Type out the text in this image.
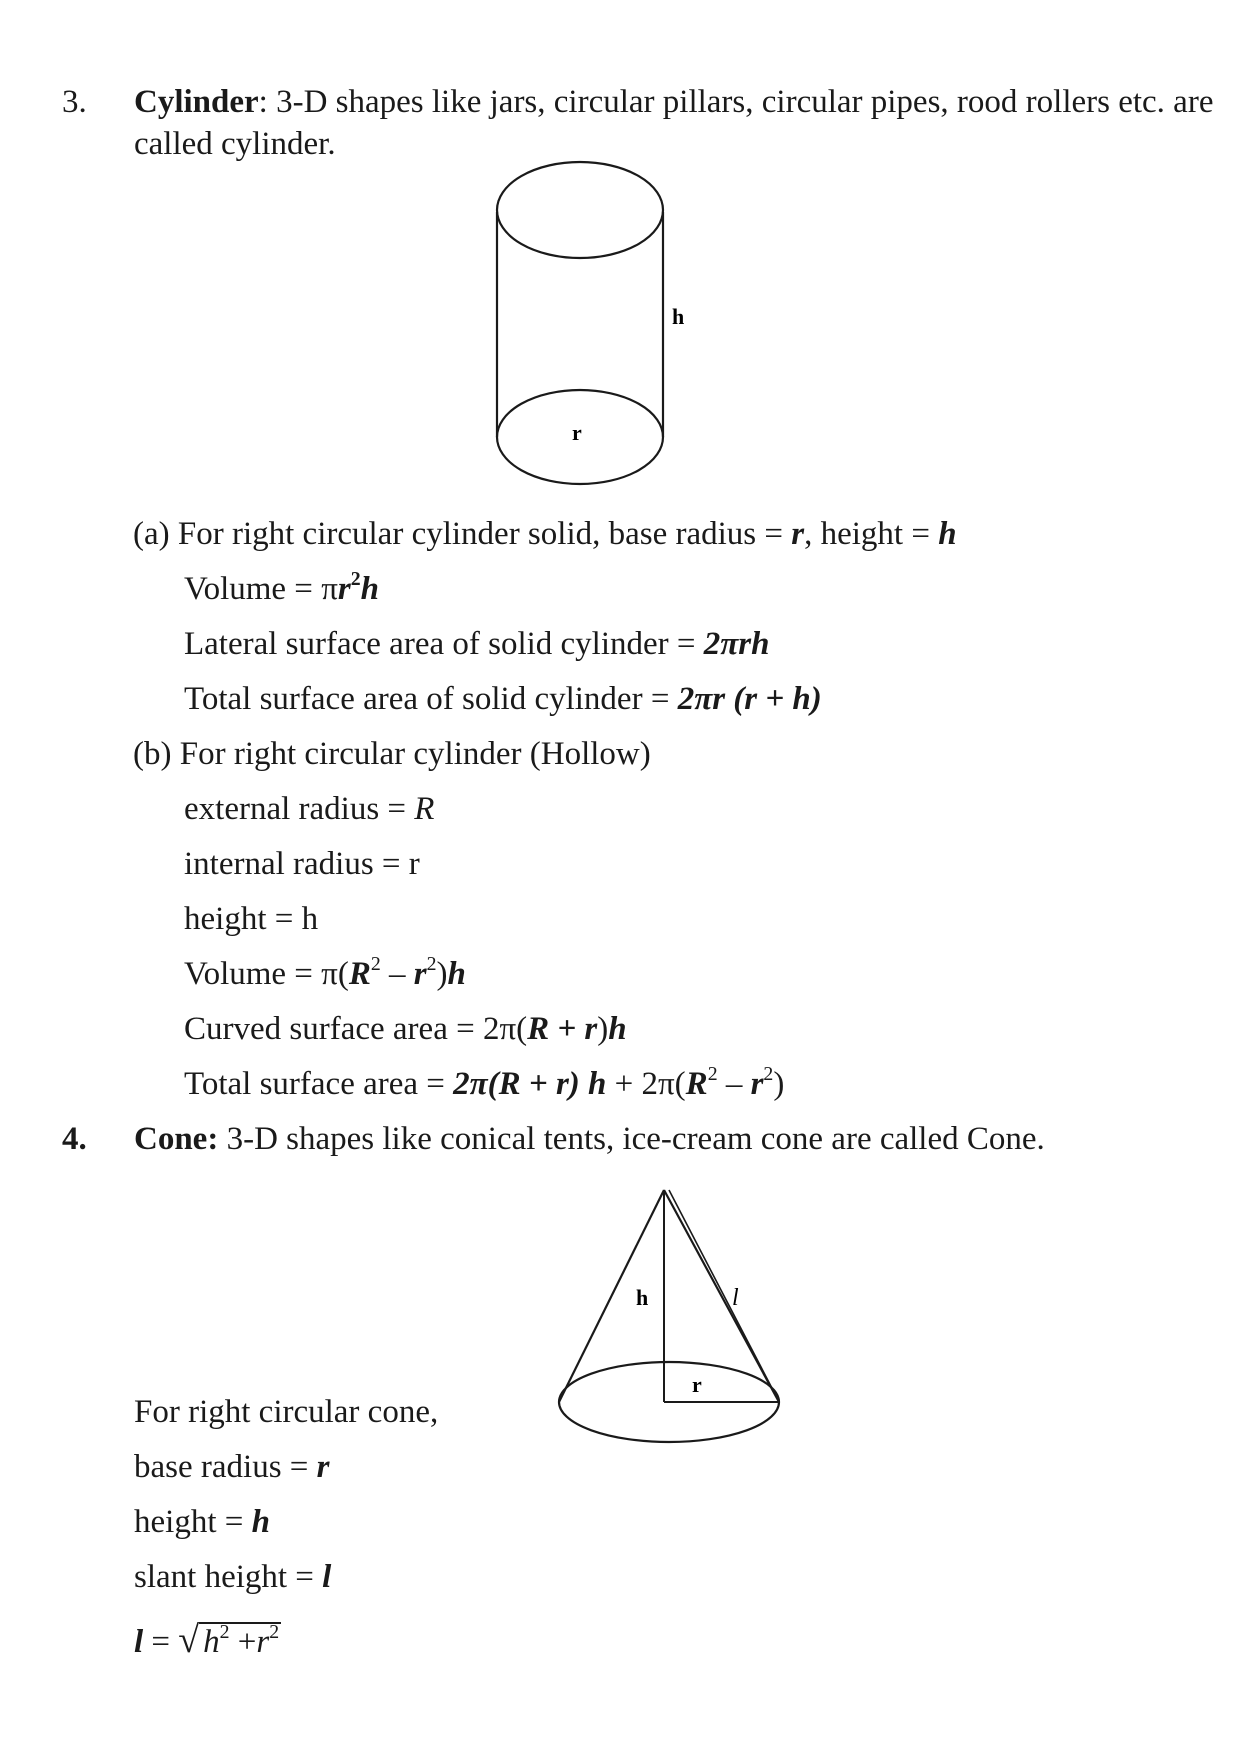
3. Cylinder: 3-D shapes like jars, circular pillars, circular pipes, rood rollers etc. are
called cylinder.
h
r
(a) For right circular cylinder solid, base radius = r, height = h
Volume = $\pi r^2h$
Lateral surface area of solid cylinder = 2πrh
Total surface area of solid cylinder = 2πr (r + h)
(b) For right circular cylinder (Hollow)
external radius = R
internal radius = r
height = h
Volume = $\pi(R^2 - r^2)h$
Curved surface area = 2π(R + r)h
Total surface area = 2π(R + r) $h + 2\pi(R^2 - r^2)$
4. Cone: 3-D shapes like conical tents, ice-cream cone are called Cone.
h	l
r
For right circular cone,
base radius = r
height = h
slant height = l
l = √ $h^2 +r^2$
